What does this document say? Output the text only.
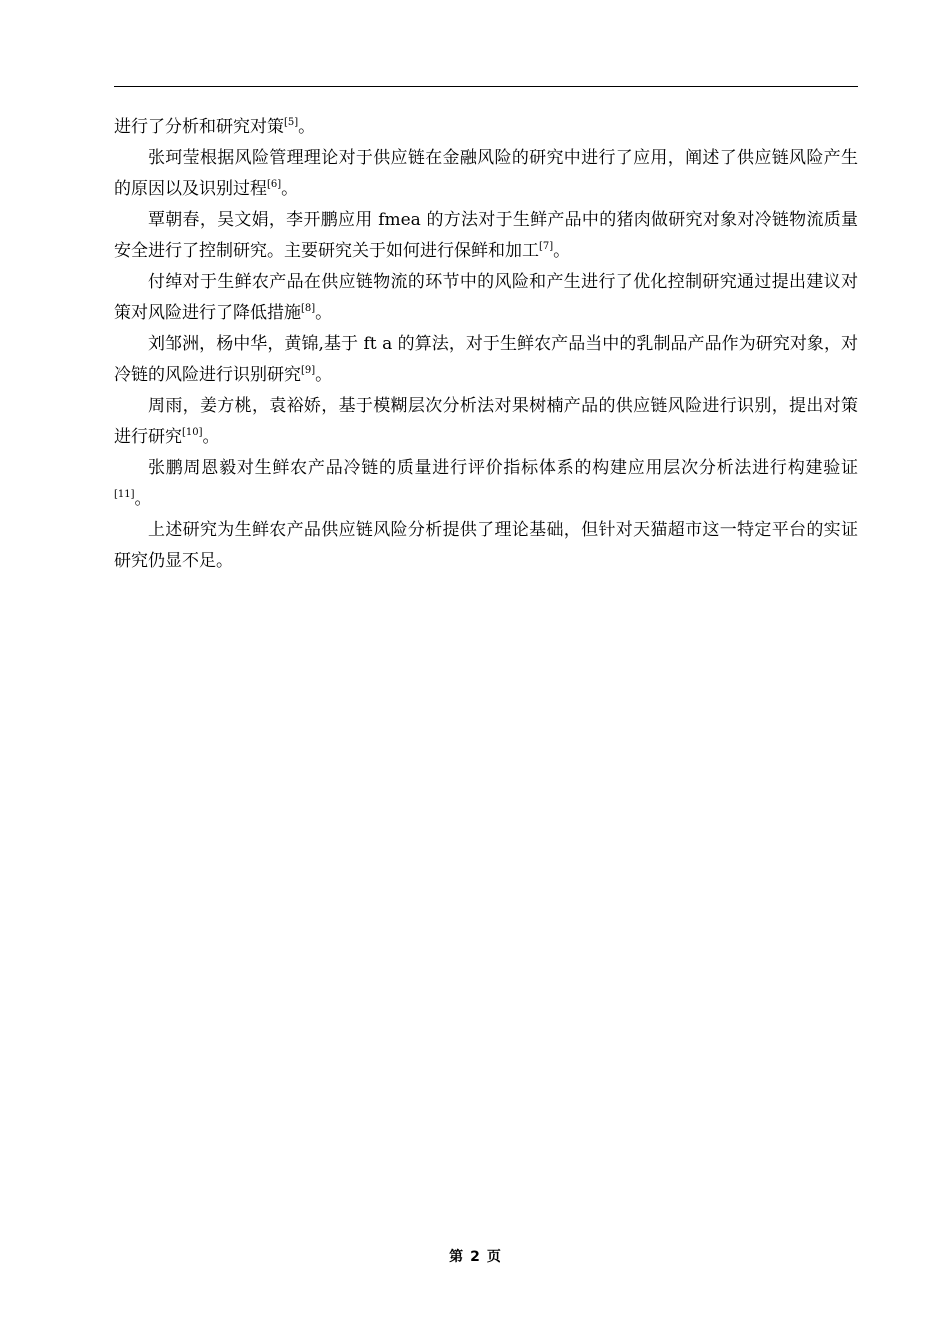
进行了分析和研究对策[5]。

张珂莹根据风险管理理论对于供应链在金融风险的研究中进行了应用，阐述了供应链风险产生的原因以及识别过程[6]。

覃朝春，吴文娟，李开鹏应用 fmea 的方法对于生鲜产品中的猪肉做研究对象对冷链物流质量安全进行了控制研究。主要研究关于如何进行保鲜和加工[7]。

付绰对于生鲜农产品在供应链物流的环节中的风险和产生进行了优化控制研究通过提出建议对策对风险进行了降低措施[8]。

刘邹洲，杨中华，黄锦,基于 ft a 的算法，对于生鲜农产品当中的乳制品产品作为研究对象，对冷链的风险进行识别研究[9]。

周雨，姜方桃，袁裕娇，基于模糊层次分析法对果树楠产品的供应链风险进行识别，提出对策进行研究[10]。

张鹏周恩毅对生鲜农产品冷链的质量进行评价指标体系的构建应用层次分析法进行构建验证[11]。

上述研究为生鲜农产品供应链风险分析提供了理论基础，但针对天猫超市这一特定平台的实证研究仍显不足。

第 2 页
